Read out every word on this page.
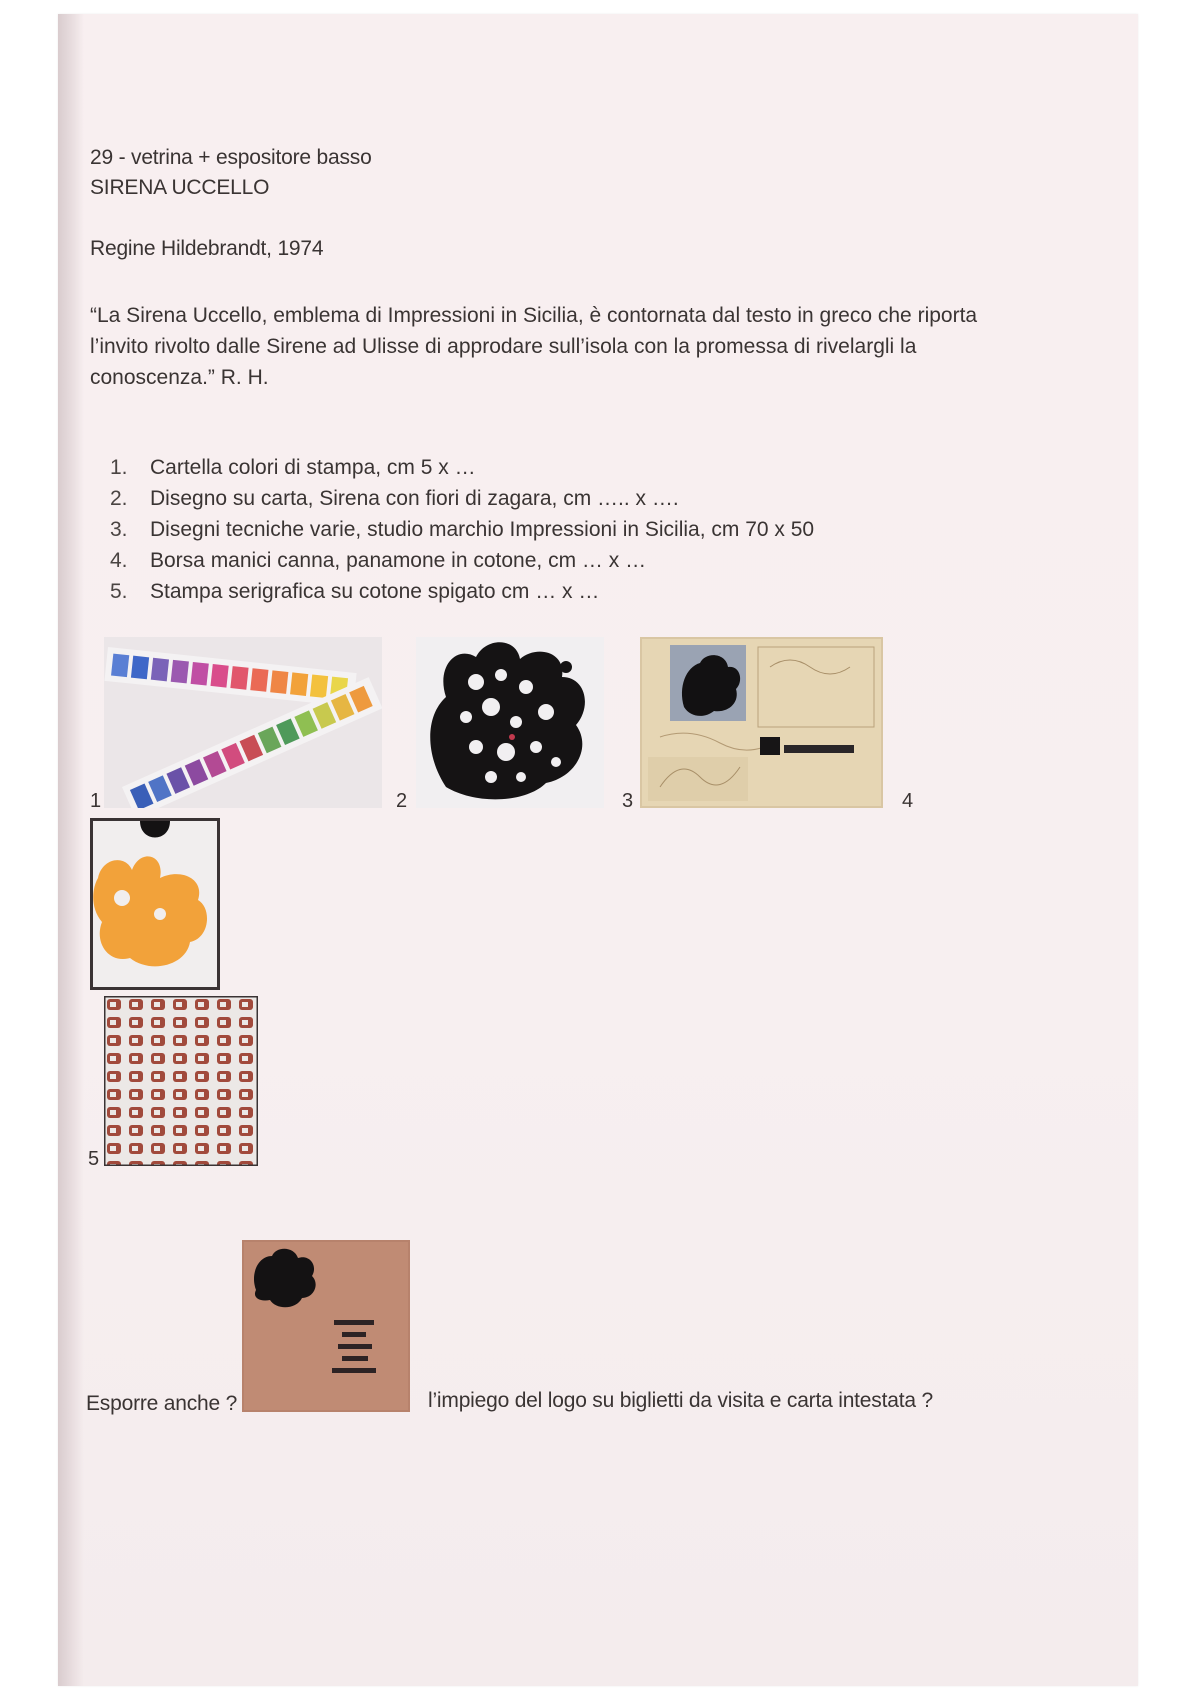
29 - vetrina + espositore basso
SIRENA UCCELLO
Regine Hildebrandt, 1974
“La Sirena Uccello, emblema di Impressioni in Sicilia, è contornata dal testo in greco che riporta
l’invito rivolto dalle Sirene ad Ulisse di approdare sull’isola con la promessa di rivelargli la
conoscenza.” R. H.
1. Cartella colori di stampa, cm 5 x …
2. Disegno su carta, Sirena con fiori di zagara, cm ….. x ….
3. Disegni tecniche varie, studio marchio Impressioni in Sicilia, cm 70 x 50
4. Borsa manici canna, panamone in cotone, cm … x …
5. Stampa serigrafica su cotone spigato cm … x …
1	2	3	4
5
Esporre anche ?	l’impiego del logo su biglietti da visita e carta intestata ?
